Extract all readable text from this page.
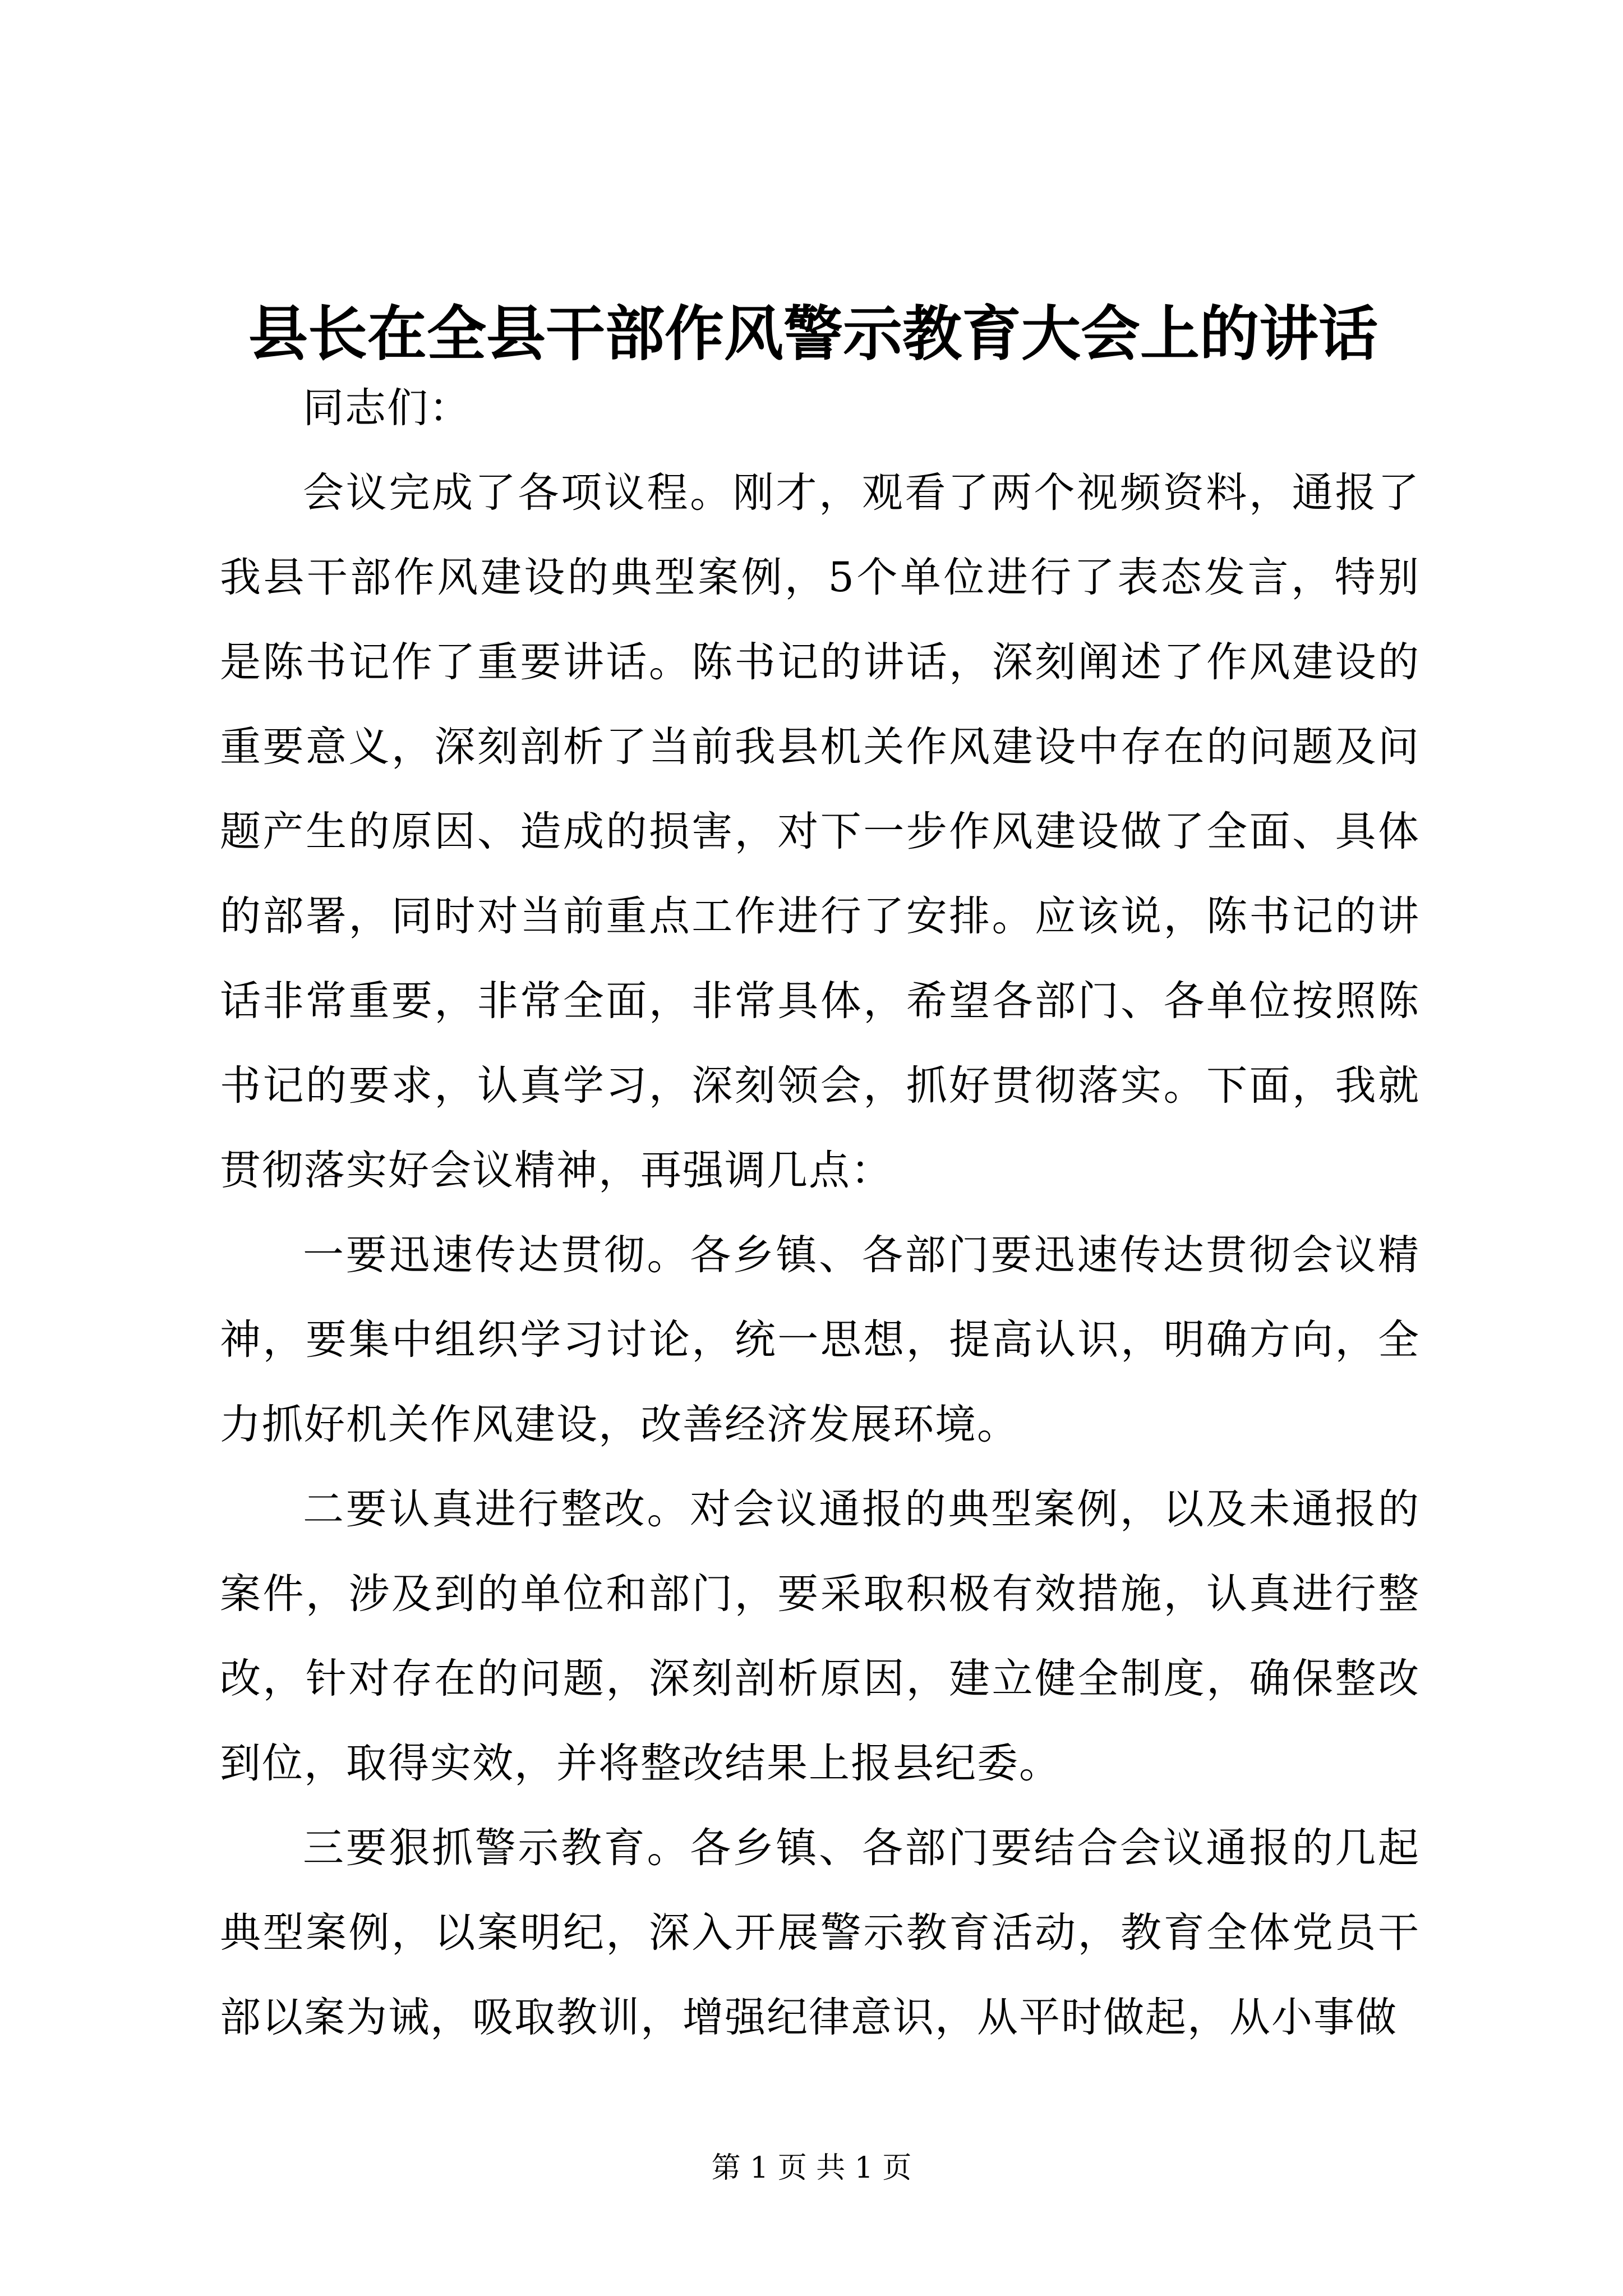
县长在全县干部作风警示教育大会上的讲话

同志们：

会议完成了各项议程。刚才，观看了两个视频资料，通报了我县干部作风建设的典型案例，5个单位进行了表态发言，特别是陈书记作了重要讲话。陈书记的讲话，深刻阐述了作风建设的重要意义，深刻剖析了当前我县机关作风建设中存在的问题及问题产生的原因、造成的损害，对下一步作风建设做了全面、具体的部署，同时对当前重点工作进行了安排。应该说，陈书记的讲话非常重要，非常全面，非常具体，希望各部门、各单位按照陈书记的要求，认真学习，深刻领会，抓好贯彻落实。下面，我就贯彻落实好会议精神，再强调几点：

一要迅速传达贯彻。各乡镇、各部门要迅速传达贯彻会议精神，要集中组织学习讨论，统一思想，提高认识，明确方向，全力抓好机关作风建设，改善经济发展环境。

二要认真进行整改。对会议通报的典型案例，以及未通报的案件，涉及到的单位和部门，要采取积极有效措施，认真进行整改，针对存在的问题，深刻剖析原因，建立健全制度，确保整改到位，取得实效，并将整改结果上报县纪委。

三要狠抓警示教育。各乡镇、各部门要结合会议通报的几起典型案例，以案明纪，深入开展警示教育活动，教育全体党员干部以案为诫，吸取教训，增强纪律意识，从平时做起，从小事做

第 1 页 共 1 页
